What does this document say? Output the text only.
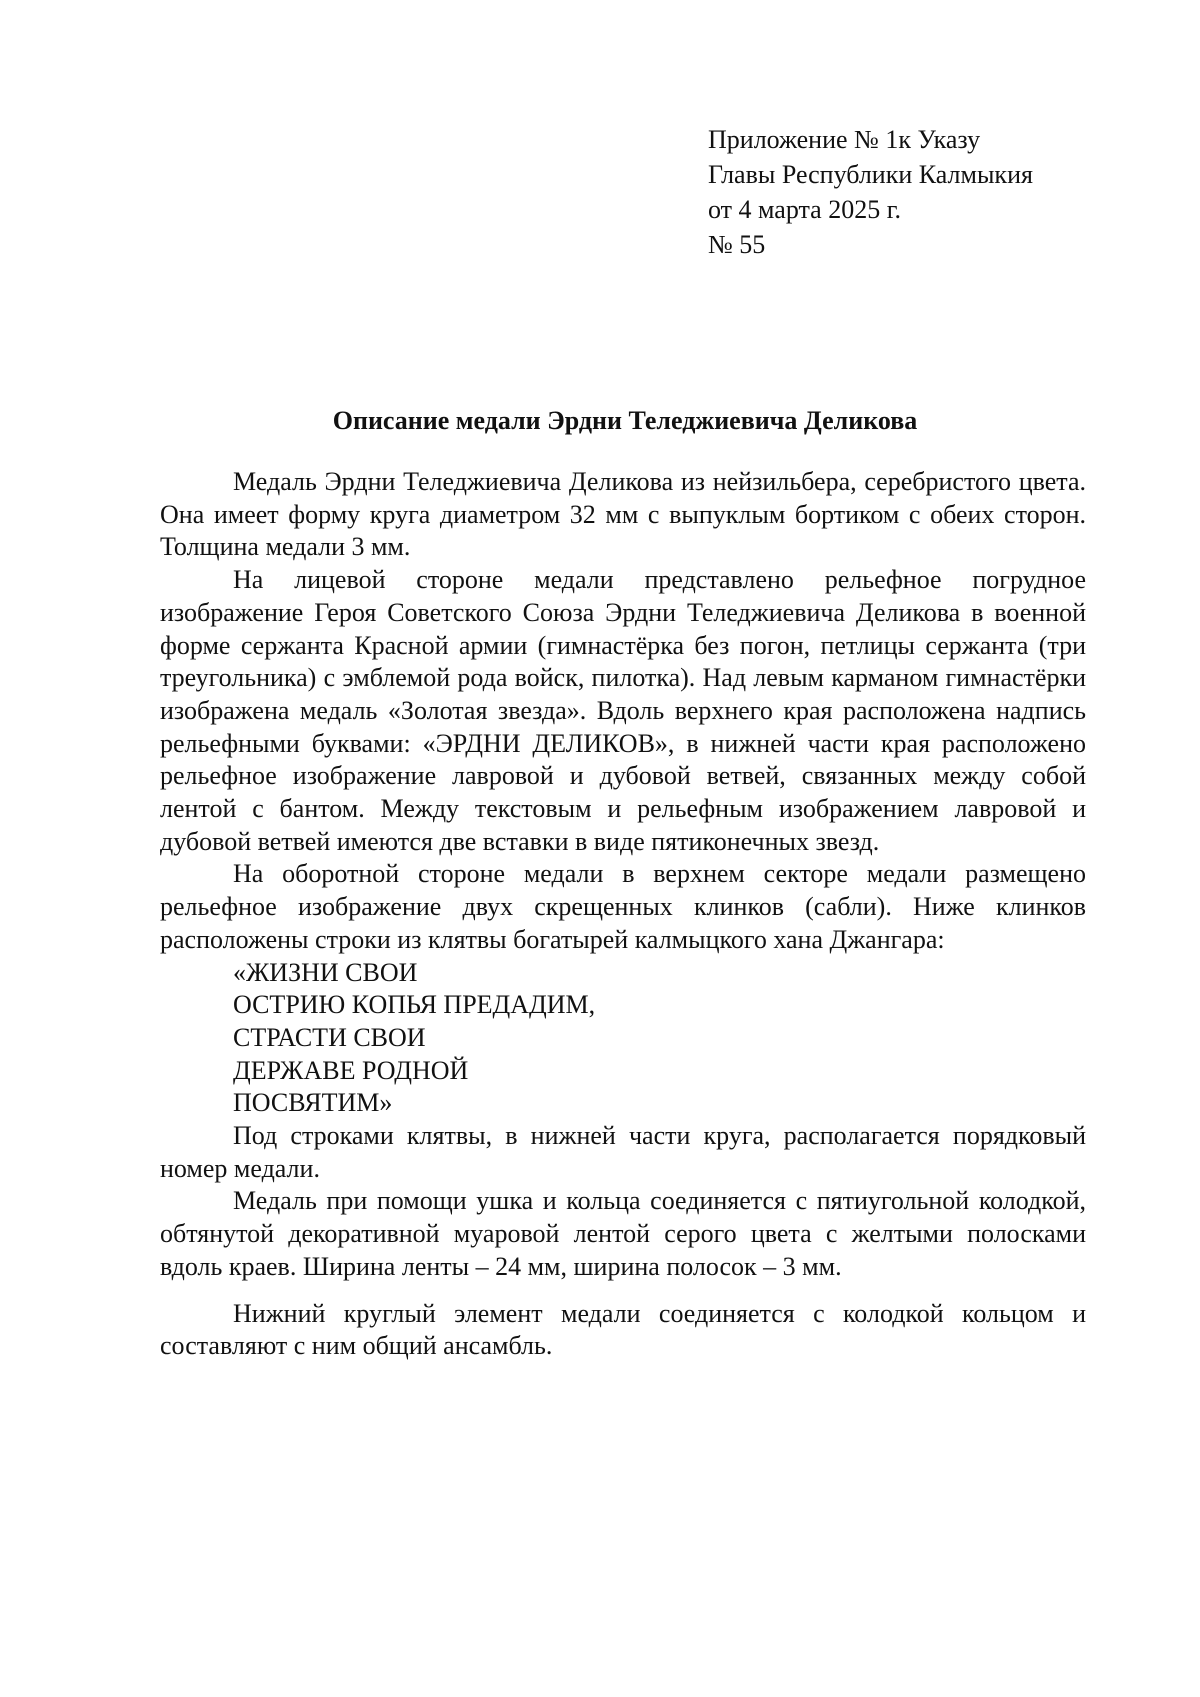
Приложение № 1к Указу
Главы Республики Калмыкия
от 4 марта 2025 г.
№ 55
Описание медали Эрдни Теледжиевича Деликова

Медаль Эрдни Теледжиевича Деликова из нейзильбера, серебристого цвета. Она имеет форму круга диаметром 32 мм с выпуклым бортиком с обеих сторон. Толщина медали 3 мм.

На лицевой стороне медали представлено рельефное погрудное изображение Героя Советского Союза Эрдни Теледжиевича Деликова в военной форме сержанта Красной армии (гимнастёрка без погон, петлицы сержанта (три треугольника) с эмблемой рода войск, пилотка). Над левым карманом гимнастёрки изображена медаль «Золотая звезда». Вдоль верхнего края расположена надпись рельефными буквами: «ЭРДНИ ДЕЛИКОВ», в нижней части края расположено рельефное изображение лавровой и дубовой ветвей, связанных между собой лентой с бантом. Между текстовым и рельефным изображением лавровой и дубовой ветвей имеются две вставки в виде пятиконечных звезд.

На оборотной стороне медали в верхнем секторе медали размещено рельефное изображение двух скрещенных клинков (сабли). Ниже клинков расположены строки из клятвы богатырей калмыцкого хана Джангара:

«ЖИЗНИ СВОИ
ОСТРИЮ КОПЬЯ ПРЕДАДИМ,
СТРАСТИ СВОИ
ДЕРЖАВЕ РОДНОЙ
ПОСВЯТИМ»

Под строками клятвы, в нижней части круга, располагается порядковый номер медали.

Медаль при помощи ушка и кольца соединяется с пятиугольной колодкой, обтянутой декоративной муаровой лентой серого цвета с желтыми полосками вдоль краев. Ширина ленты – 24 мм, ширина полосок – 3 мм.

Нижний круглый элемент медали соединяется с колодкой кольцом и составляют с ним общий ансамбль.
